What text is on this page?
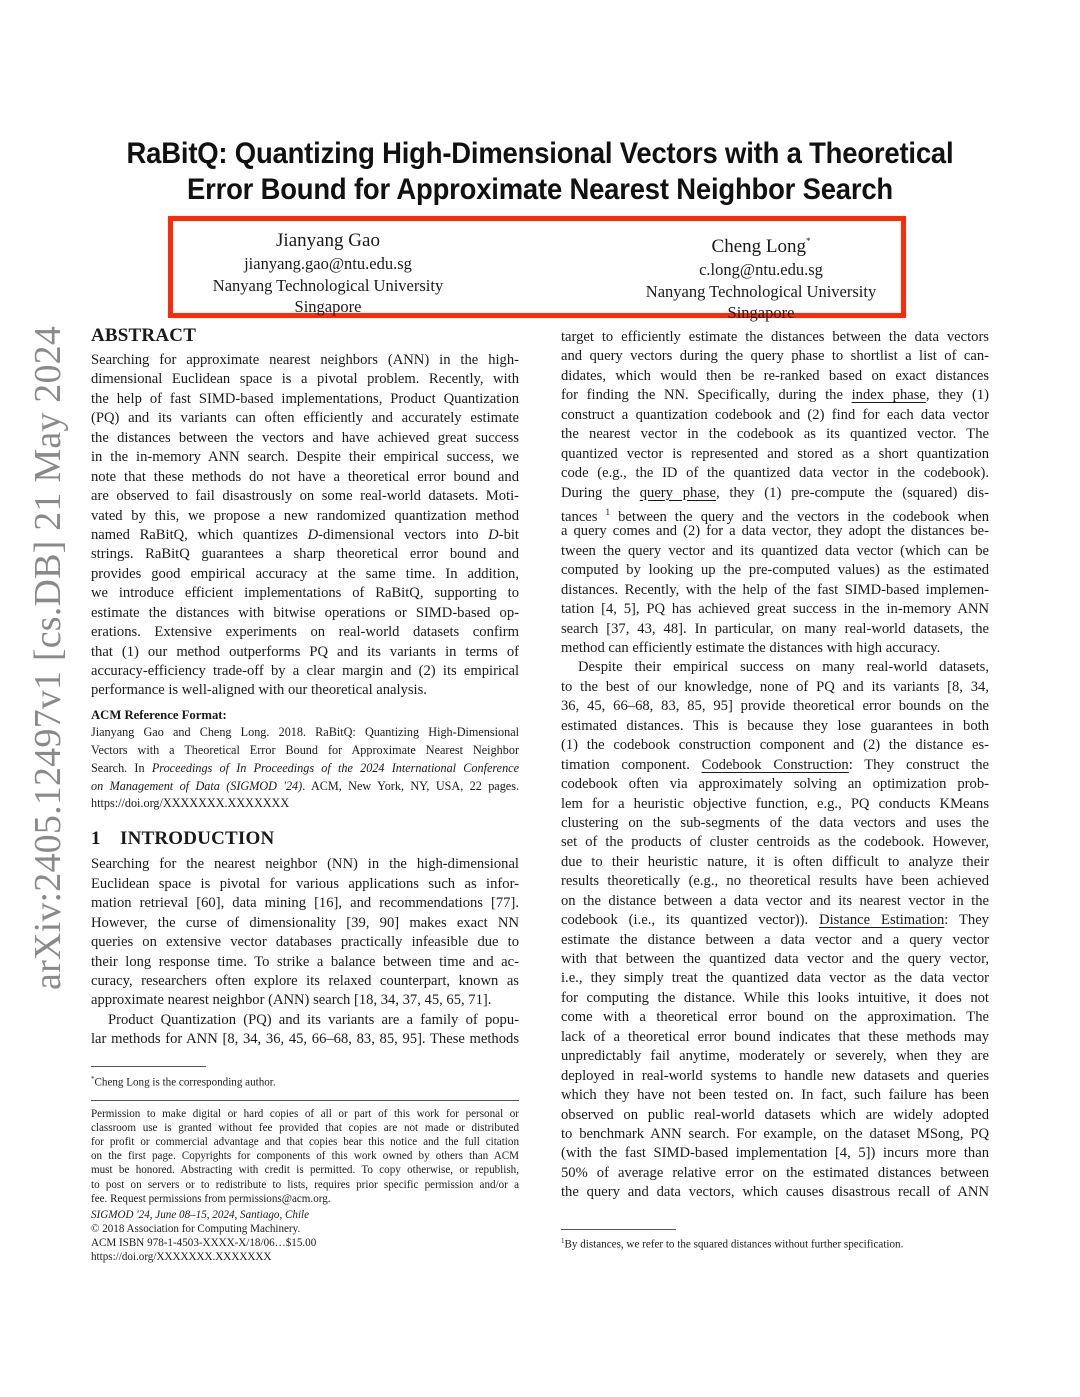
arXiv:2405.12497v1 [cs.DB] 21 May 2024
RaBitQ: Quantizing High-Dimensional Vectors with a Theoretical
Error Bound for Approximate Nearest Neighbor Search
Jianyang Gao
jianyang.gao@ntu.edu.sg
Nanyang Technological University
Singapore
Cheng Long*
c.long@ntu.edu.sg
Nanyang Technological University
Singapore
ABSTRACT
Searching for approximate nearest neighbors (ANN) in the high-
dimensional Euclidean space is a pivotal problem. Recently, with
the help of fast SIMD-based implementations, Product Quantization
(PQ) and its variants can often efficiently and accurately estimate
the distances between the vectors and have achieved great success
in the in-memory ANN search. Despite their empirical success, we
note that these methods do not have a theoretical error bound and
are observed to fail disastrously on some real-world datasets. Moti-
vated by this, we propose a new randomized quantization method
named RaBitQ, which quantizes D-dimensional vectors into D-bit
strings. RaBitQ guarantees a sharp theoretical error bound and
provides good empirical accuracy at the same time. In addition,
we introduce efficient implementations of RaBitQ, supporting to
estimate the distances with bitwise operations or SIMD-based op-
erations. Extensive experiments on real-world datasets confirm
that (1) our method outperforms PQ and its variants in terms of
accuracy-efficiency trade-off by a clear margin and (2) its empirical
performance is well-aligned with our theoretical analysis.
ACM Reference Format:
Jianyang Gao and Cheng Long. 2018. RaBitQ: Quantizing High-Dimensional
Vectors with a Theoretical Error Bound for Approximate Nearest Neighbor
Search. In Proceedings of In Proceedings of the 2024 International Conference
on Management of Data (SIGMOD '24). ACM, New York, NY, USA, 22 pages.
https://doi.org/XXXXXXX.XXXXXXX
1 INTRODUCTION
Searching for the nearest neighbor (NN) in the high-dimensional
Euclidean space is pivotal for various applications such as infor-
mation retrieval [60], data mining [16], and recommendations [77].
However, the curse of dimensionality [39, 90] makes exact NN
queries on extensive vector databases practically infeasible due to
their long response time. To strike a balance between time and ac-
curacy, researchers often explore its relaxed counterpart, known as
approximate nearest neighbor (ANN) search [18, 34, 37, 45, 65, 71].
Product Quantization (PQ) and its variants are a family of popu-
lar methods for ANN [8, 34, 36, 45, 66–68, 83, 85, 95]. These methods
*Cheng Long is the corresponding author.
Permission to make digital or hard copies of all or part of this work for personal or
classroom use is granted without fee provided that copies are not made or distributed
for profit or commercial advantage and that copies bear this notice and the full citation
on the first page. Copyrights for components of this work owned by others than ACM
must be honored. Abstracting with credit is permitted. To copy otherwise, or republish,
to post on servers or to redistribute to lists, requires prior specific permission and/or a
fee. Request permissions from permissions@acm.org.
SIGMOD '24, June 08–15, 2024, Santiago, Chile
© 2018 Association for Computing Machinery.
ACM ISBN 978-1-4503-XXXX-X/18/06…$15.00
https://doi.org/XXXXXXX.XXXXXXX
target to efficiently estimate the distances between the data vectors
and query vectors during the query phase to shortlist a list of can-
didates, which would then be re-ranked based on exact distances
for finding the NN. Specifically, during the index phase, they (1)
construct a quantization codebook and (2) find for each data vector
the nearest vector in the codebook as its quantized vector. The
quantized vector is represented and stored as a short quantization
code (e.g., the ID of the quantized data vector in the codebook).
During the query phase, they (1) pre-compute the (squared) dis-
tances $^1$ between the query and the vectors in the codebook when
a query comes and (2) for a data vector, they adopt the distances be-
tween the query vector and its quantized data vector (which can be
computed by looking up the pre-computed values) as the estimated
distances. Recently, with the help of the fast SIMD-based implemen-
tation [4, 5], PQ has achieved great success in the in-memory ANN
search [37, 43, 48]. In particular, on many real-world datasets, the
method can efficiently estimate the distances with high accuracy.
Despite their empirical success on many real-world datasets,
to the best of our knowledge, none of PQ and its variants [8, 34,
36, 45, 66–68, 83, 85, 95] provide theoretical error bounds on the
estimated distances. This is because they lose guarantees in both
(1) the codebook construction component and (2) the distance es-
timation component. Codebook Construction: They construct the
codebook often via approximately solving an optimization prob-
lem for a heuristic objective function, e.g., PQ conducts KMeans
clustering on the sub-segments of the data vectors and uses the
set of the products of cluster centroids as the codebook. However,
due to their heuristic nature, it is often difficult to analyze their
results theoretically (e.g., no theoretical results have been achieved
on the distance between a data vector and its nearest vector in the
codebook (i.e., its quantized vector)). Distance Estimation: They
estimate the distance between a data vector and a query vector
with that between the quantized data vector and the query vector,
i.e., they simply treat the quantized data vector as the data vector
for computing the distance. While this looks intuitive, it does not
come with a theoretical error bound on the approximation. The
lack of a theoretical error bound indicates that these methods may
unpredictably fail anytime, moderately or severely, when they are
deployed in real-world systems to handle new datasets and queries
which they have not been tested on. In fact, such failure has been
observed on public real-world datasets which are widely adopted
to benchmark ANN search. For example, on the dataset MSong, PQ
(with the fast SIMD-based implementation [4, 5]) incurs more than
50% of average relative error on the estimated distances between
the query and data vectors, which causes disastrous recall of ANN
$^1$By distances, we refer to the squared distances without further specification.
